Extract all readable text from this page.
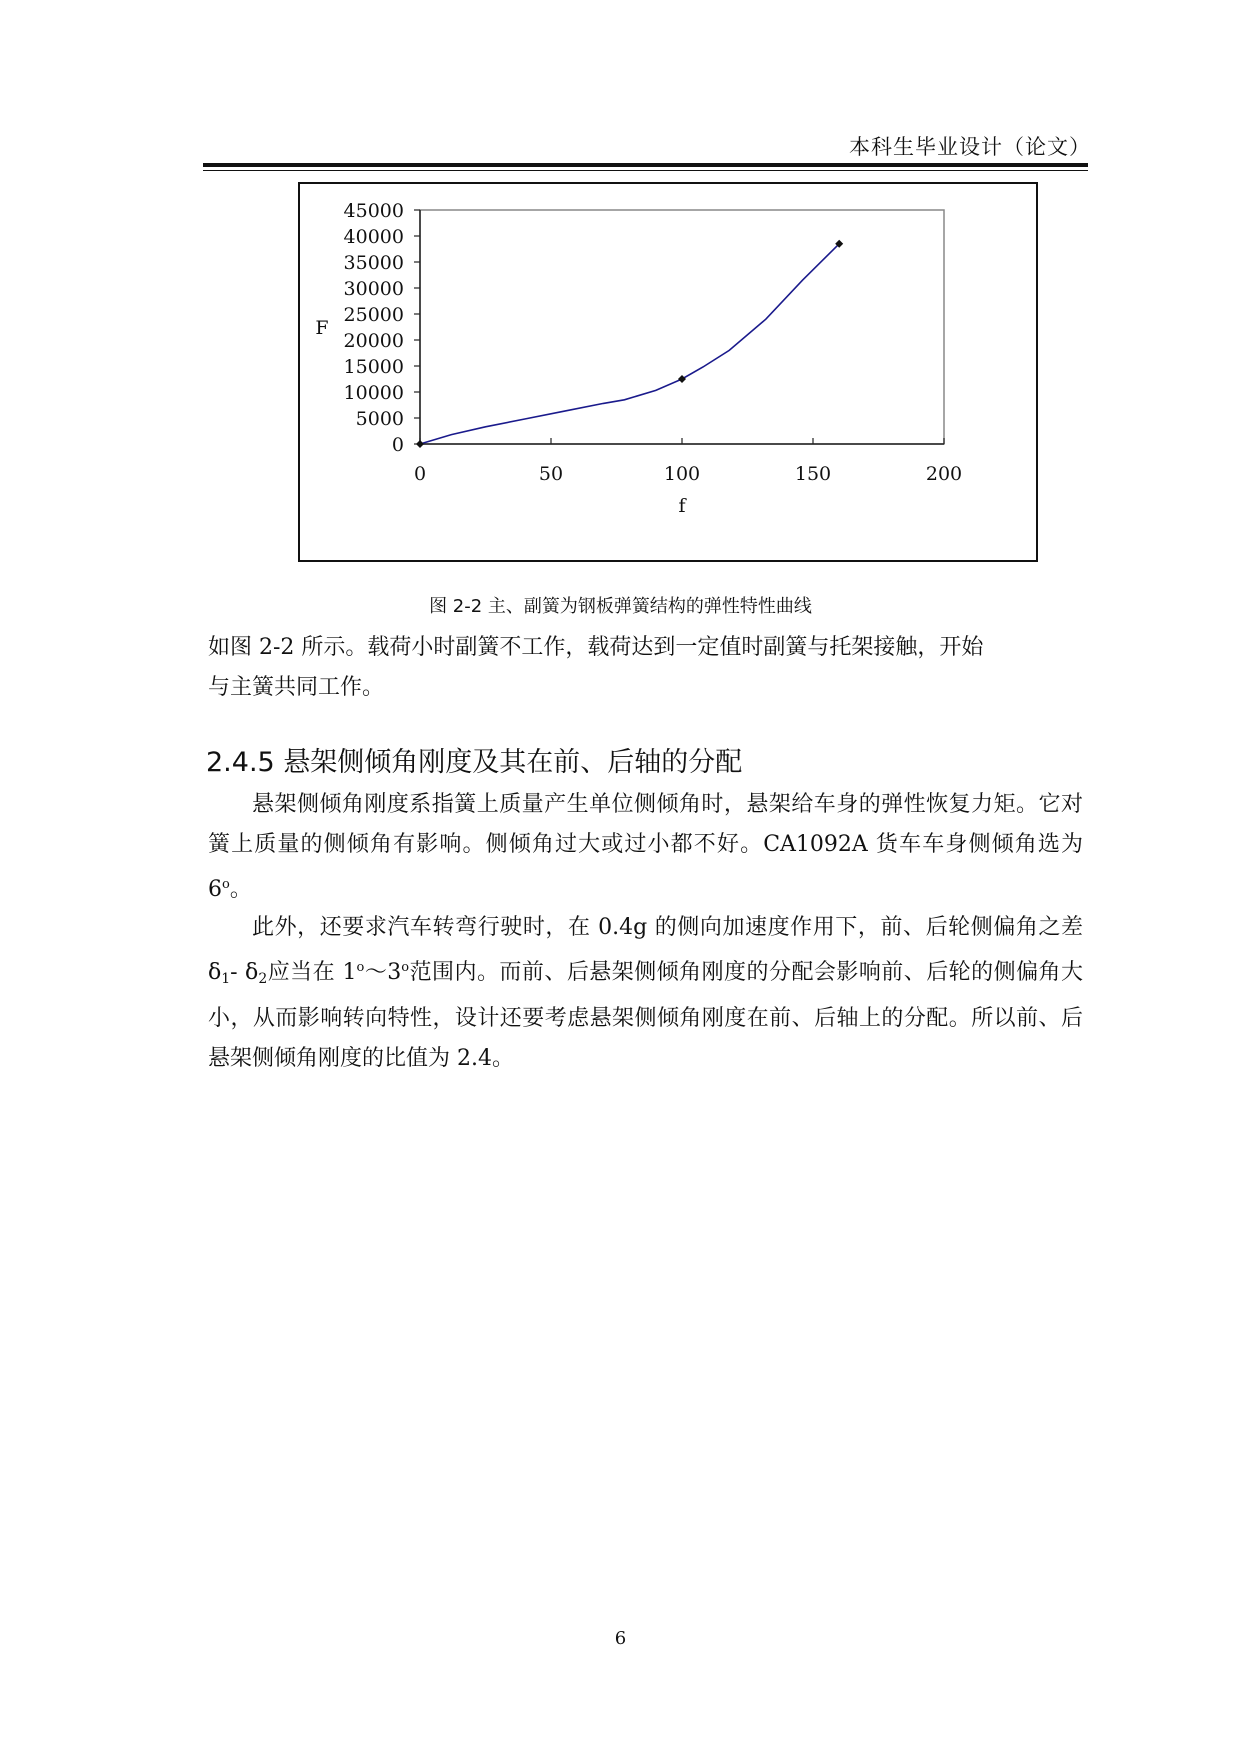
本科生毕业设计（论文）
0
5000
10000
15000
20000
25000
30000
35000
40000
45000
0	50	100	150	200
f
F
图 2-2 主、副簧为钢板弹簧结构的弹性特性曲线

如图 2-2 所示。载荷小时副簧不工作，载荷达到一定值时副簧与托架接触，开始

与主簧共同工作。

2.4.5 悬架侧倾角刚度及其在前、后轴的分配

悬架侧倾角刚度系指簧上质量产生单位侧倾角时，悬架给车身的弹性恢复力矩。它对簧上质量的侧倾角有影响。侧倾角过大或过小都不好。CA1092A 货车车身侧倾角选为 6$^o$。

此外，还要求汽车转弯行驶时，在 0.4g 的侧向加速度作用下，前、后轮侧偏角之差 $\delta_1-$ $\delta_2$应当在 1$^o$～3$^o$范围内。而前、后悬架侧倾角刚度的分配会影响前、后轮的侧偏角大小，从而影响转向特性，设计还要考虑悬架侧倾角刚度在前、后轴上的分配。所以前、后悬架侧倾角刚度的比值为 2.4。

6
